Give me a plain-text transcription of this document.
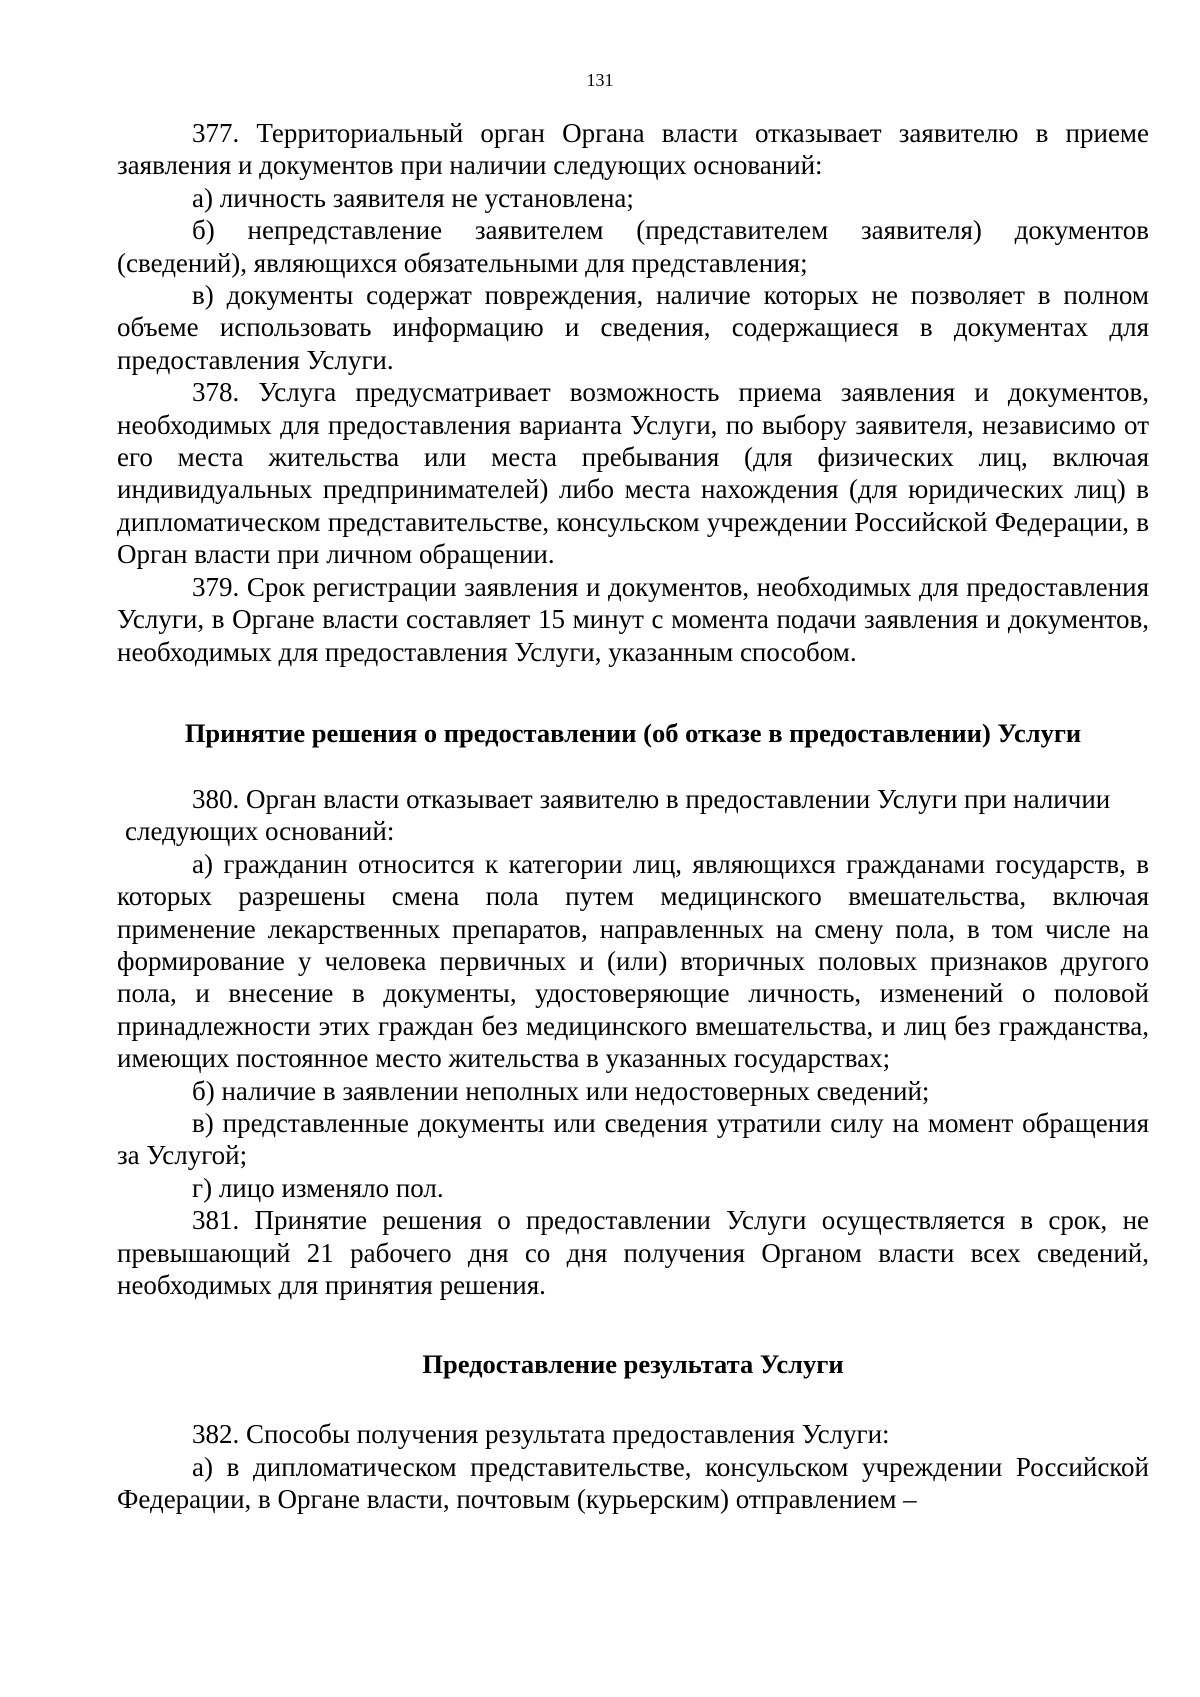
131

377. Территориальный орган Органа власти отказывает заявителю в приеме заявления и документов при наличии следующих оснований:

а) личность заявителя не установлена;

б) непредставление заявителем (представителем заявителя) документов (сведений), являющихся обязательными для представления;

в) документы содержат повреждения, наличие которых не позволяет в полном объеме использовать информацию и сведения, содержащиеся в документах для предоставления Услуги.

378. Услуга предусматривает возможность приема заявления и документов, необходимых для предоставления варианта Услуги, по выбору заявителя, независимо от его места жительства или места пребывания (для физических лиц, включая индивидуальных предпринимателей) либо места нахождения (для юридических лиц) в дипломатическом представительстве, консульском учреждении Российской Федерации, в Орган власти при личном обращении.

379. Срок регистрации заявления и документов, необходимых для предоставления Услуги, в Органе власти составляет 15 минут с момента подачи заявления и документов, необходимых для предоставления Услуги, указанным способом.

Принятие решения о предоставлении (об отказе в предоставлении) Услуги

380. Орган власти отказывает заявителю в предоставлении Услуги при наличии

следующих оснований:

а) гражданин относится к категории лиц, являющихся гражданами государств, в которых разрешены смена пола путем медицинского вмешательства, включая применение лекарственных препаратов, направленных на смену пола, в том числе на формирование у человека первичных и (или) вторичных половых признаков другого пола, и внесение в документы, удостоверяющие личность, изменений о половой принадлежности этих граждан без медицинского вмешательства, и лиц без гражданства, имеющих постоянное место жительства в указанных государствах;

б) наличие в заявлении неполных или недостоверных сведений;

в) представленные документы или сведения утратили силу на момент обращения за Услугой;

г) лицо изменяло пол.

381. Принятие решения о предоставлении Услуги осуществляется в срок, не превышающий 21 рабочего дня со дня получения Органом власти всех сведений, необходимых для принятия решения.

Предоставление результата Услуги

382. Способы получения результата предоставления Услуги:

а) в дипломатическом представительстве, консульском учреждении Российской Федерации, в Органе власти, почтовым (курьерским) отправлением –
